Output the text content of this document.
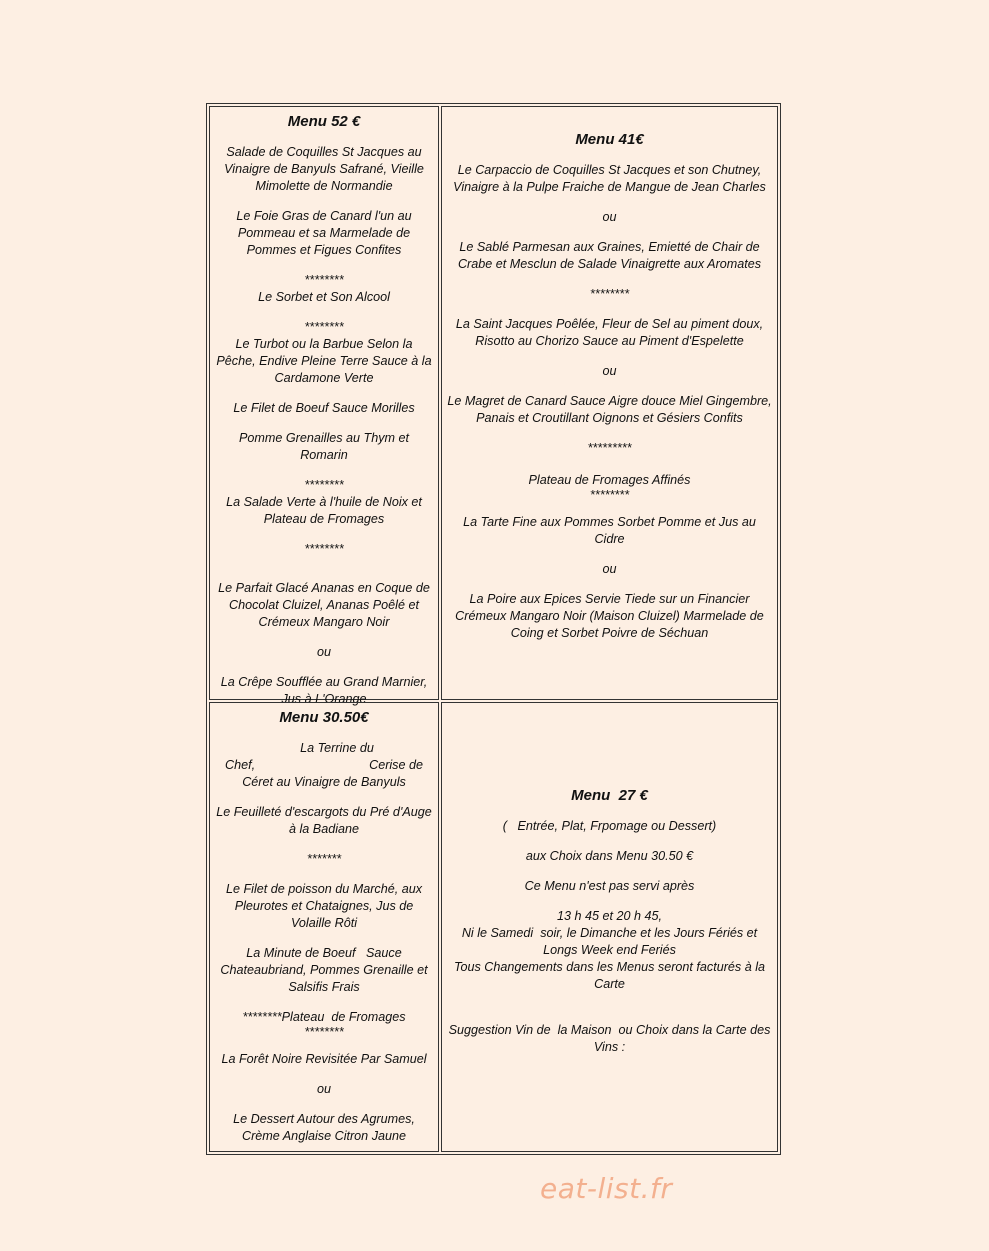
Menu 52 €

Salade de Coquilles St Jacques au Vinaigre de Banyuls Safrané, Vieille Mimolette de Normandie

Le Foie Gras de Canard l'un au Pommeau et sa Marmelade de Pommes et Figues Confites

********

Le Sorbet et Son Alcool

********

Le Turbot ou la Barbue Selon la Pêche, Endive Pleine Terre Sauce à la Cardamone Verte

Le Filet de Boeuf Sauce Morilles

Pomme Grenailles au Thym et Romarin

********

La Salade Verte à l'huile de Noix et Plateau de Fromages

********

Le Parfait Glacé Ananas en Coque de Chocolat Cluizel, Ananas Poêlé et Crémeux Mangaro Noir

ou

La Crêpe Soufflée au Grand Marnier, Jus à L'Orange

Menu 41€

Le Carpaccio de Coquilles St Jacques et son Chutney, Vinaigre à la Pulpe Fraiche de Mangue de Jean Charles

ou

Le Sablé Parmesan aux Graines, Emietté de Chair de Crabe et Mesclun de Salade Vinaigrette aux Aromates

********

La Saint Jacques Poêlée, Fleur de Sel au piment doux, Risotto au Chorizo Sauce au Piment d'Espelette

ou

Le Magret de Canard Sauce Aigre douce Miel Gingembre, Panais et Croutillant Oignons et Gésiers Confits

*********

Plateau de Fromages Affinés

********

La Tarte Fine aux Pommes Sorbet Pomme et Jus au Cidre

ou

La Poire aux Epices Servie Tiede sur un Financier Crémeux Mangaro Noir (Maison Cluizel) Marmelade de Coing et Sorbet Poivre de Séchuan

Menu 30.50€

La Terrine du

Chef,	Cerise de

Céret au Vinaigre de Banyuls

Le Feuilleté d'escargots du Pré d'Auge   à la Badiane

*******

Le Filet de poisson du Marché, aux Pleurotes et Chataignes, Jus de Volaille Rôti

La Minute de Boeuf   Sauce Chateaubriand, Pommes Grenaille et Salsifis Frais

********Plateau  de Fromages

********

La Forêt Noire Revisitée Par Samuel

ou

Le Dessert Autour des Agrumes, Crème Anglaise Citron Jaune

Menu  27 €

(   Entrée, Plat, Frpomage ou Dessert)

aux Choix dans Menu 30.50 €

Ce Menu n'est pas servi après

13 h 45 et 20 h 45,

Ni le Samedi  soir, le Dimanche et les Jours Fériés et Longs Week end Feriés

Tous Changements dans les Menus seront facturés à la Carte

Suggestion Vin de  la Maison  ou Choix dans la Carte des Vins :

eat-list.fr
